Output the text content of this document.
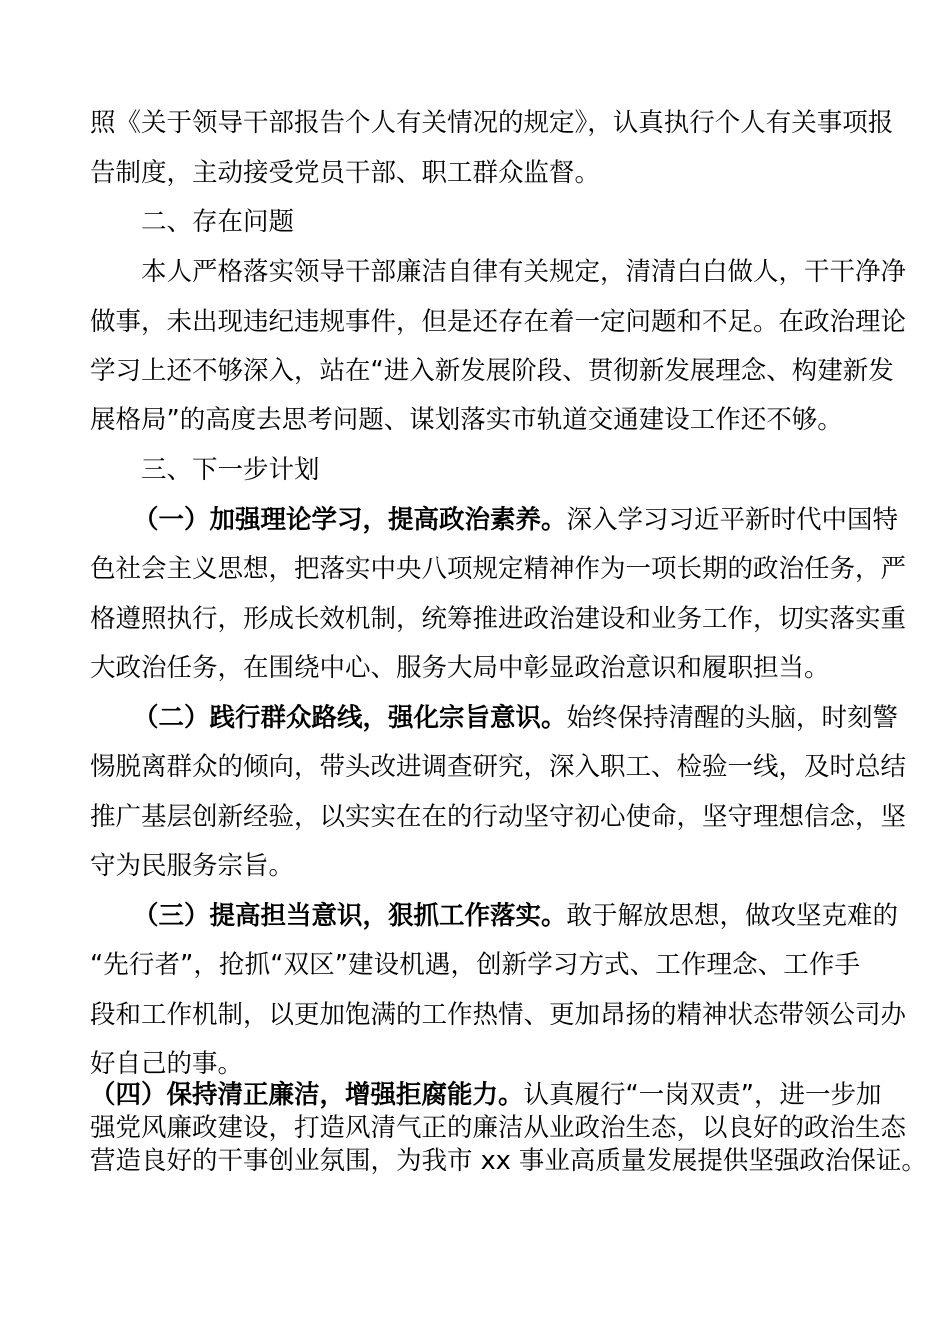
照《关于领导干部报告个人有关情况的规定》，认真执行个人有关事项报
告制度，主动接受党员干部、职工群众监督。
二、存在问题
本人严格落实领导干部廉洁自律有关规定，清清白白做人，干干净净
做事，未出现违纪违规事件，但是还存在着一定问题和不足。在政治理论
学习上还不够深入，站在“进入新发展阶段、贯彻新发展理念、构建新发
展格局”的高度去思考问题、谋划落实市轨道交通建设工作还不够。
三、下一步计划
（一）加强理论学习，提高政治素养。深入学习习近平新时代中国特
色社会主义思想，把落实中央八项规定精神作为一项长期的政治任务，严
格遵照执行，形成长效机制，统筹推进政治建设和业务工作，切实落实重
大政治任务，在围绕中心、服务大局中彰显政治意识和履职担当。
（二）践行群众路线，强化宗旨意识。始终保持清醒的头脑，时刻警
惕脱离群众的倾向，带头改进调查研究，深入职工、检验一线，及时总结
推广基层创新经验，以实实在在的行动坚守初心使命，坚守理想信念，坚
守为民服务宗旨。
（三）提高担当意识，狠抓工作落实。敢于解放思想，做攻坚克难的
“先行者”，抢抓“双区”建设机遇，创新学习方式、工作理念、工作手
段和工作机制，以更加饱满的工作热情、更加昂扬的精神状态带领公司办
好自己的事。
（四）保持清正廉洁，增强拒腐能力。认真履行“一岗双责”，进一步加
强党风廉政建设，打造风清气正的廉洁从业政治生态，以良好的政治生态
营造良好的干事创业氛围，为我市 xx 事业高质量发展提供坚强政治保证。
